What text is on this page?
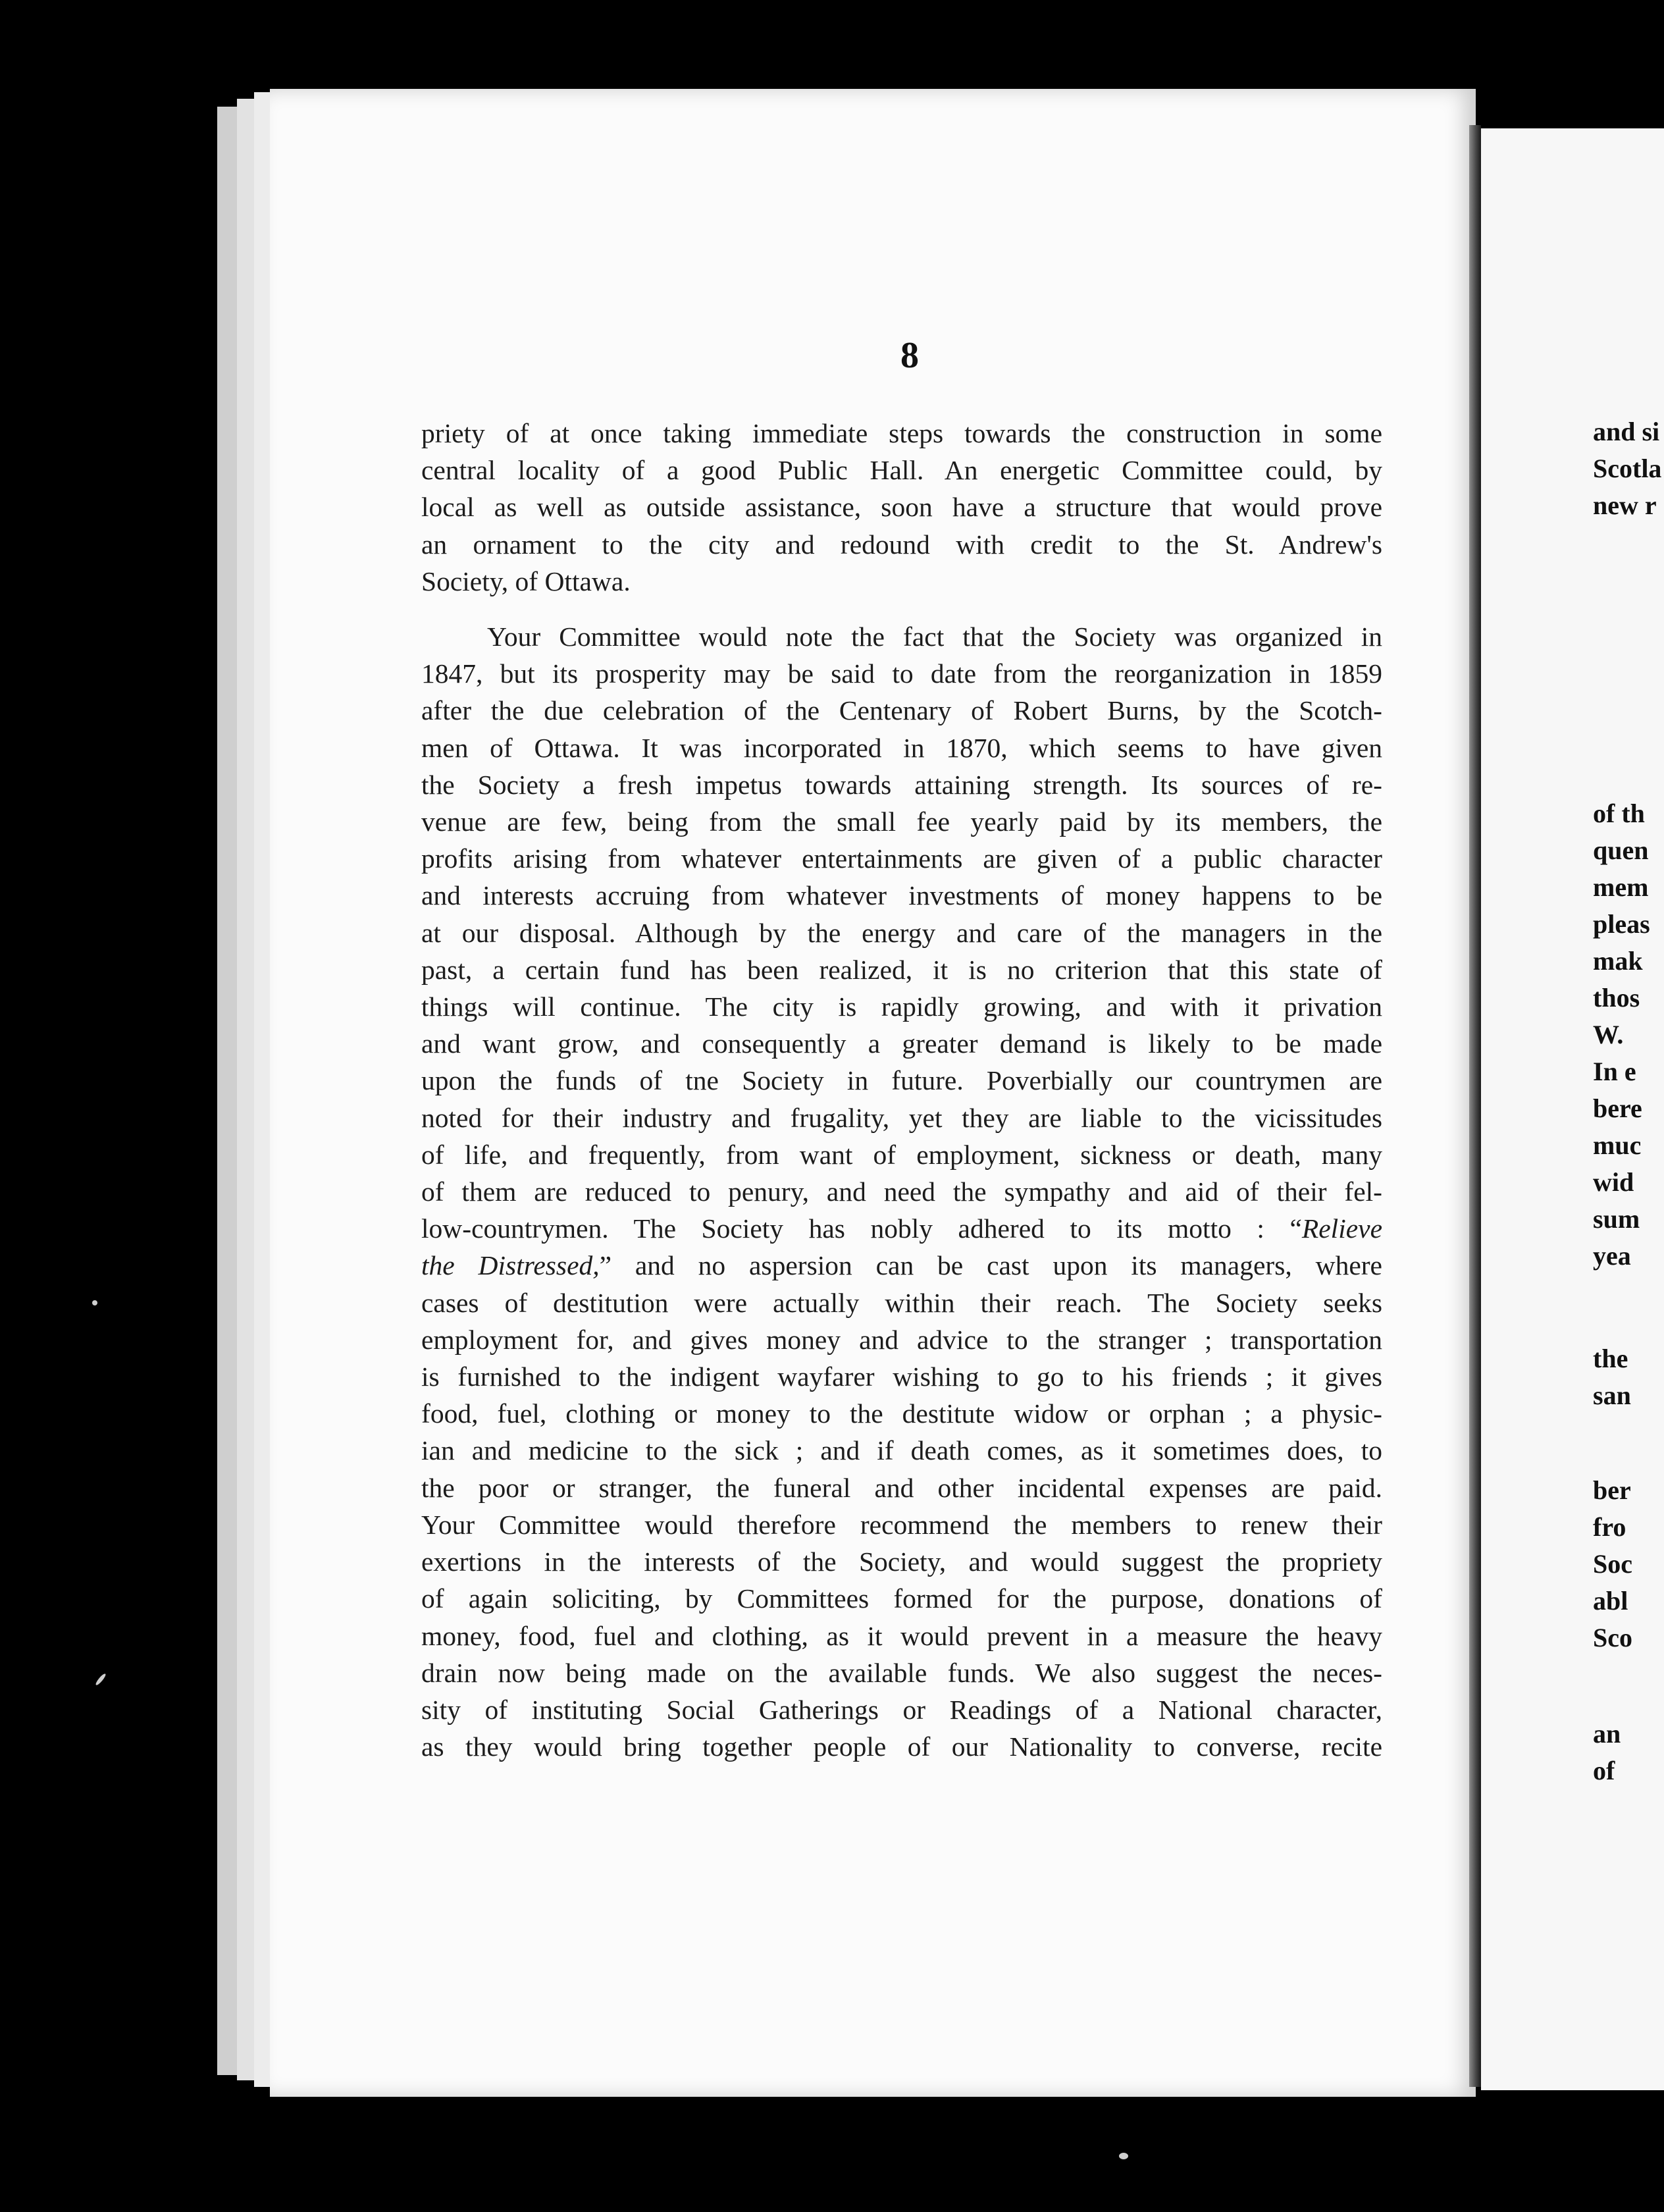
8

priety of at once taking immediate steps towards the construction in some

central locality of a good Public Hall. An energetic Committee could, by

local as well as outside assistance, soon have a structure that would prove

an ornament to the city and redound with credit to the St. Andrew's

Society, of Ottawa.

Your Committee would note the fact that the Society was organized in

1847, but its prosperity may be said to date from the reorganization in 1859

after the due celebration of the Centenary of Robert Burns, by the Scotch-

men of Ottawa. It was incorporated in 1870, which seems to have given

the Society a fresh impetus towards attaining strength. Its sources of re-

venue are few, being from the small fee yearly paid by its members, the

profits arising from whatever entertainments are given of a public character

and interests accruing from whatever investments of money happens to be

at our disposal. Although by the energy and care of the managers in the

past, a certain fund has been realized, it is no criterion that this state of

things will continue. The city is rapidly growing, and with it privation

and want grow, and consequently a greater demand is likely to be made

upon the funds of tne Society in future. Poverbially our countrymen are

noted for their industry and frugality, yet they are liable to the vicissitudes

of life, and frequently, from want of employment, sickness or death, many

of them are reduced to penury, and need the sympathy and aid of their fel-

low-countrymen. The Society has nobly adhered to its motto : “Relieve

the Distressed,” and no aspersion can be cast upon its managers, where

cases of destitution were actually within their reach. The Society seeks

employment for, and gives money and advice to the stranger ; transportation

is furnished to the indigent wayfarer wishing to go to his friends ; it gives

food, fuel, clothing or money to the destitute widow or orphan ; a physic-

ian and medicine to the sick ; and if death comes, as it sometimes does, to

the poor or stranger, the funeral and other incidental expenses are paid.

Your Committee would therefore recommend the members to renew their

exertions in the interests of the Society, and would suggest the propriety

of again soliciting, by Committees formed for the purpose, donations of

money, food, fuel and clothing, as it would prevent in a measure the heavy

drain now being made on the available funds. We also suggest the neces-

sity of instituting Social Gatherings or Readings of a National character,

as they would bring together people of our Nationality to converse, recite

and si
Scotla
new r
of th
quen
mem
pleas
mak
thos
W.
In e
bere
muc
wid
sum
yea
the
san
ber
fro
Soc
abl
Sco
an
of
